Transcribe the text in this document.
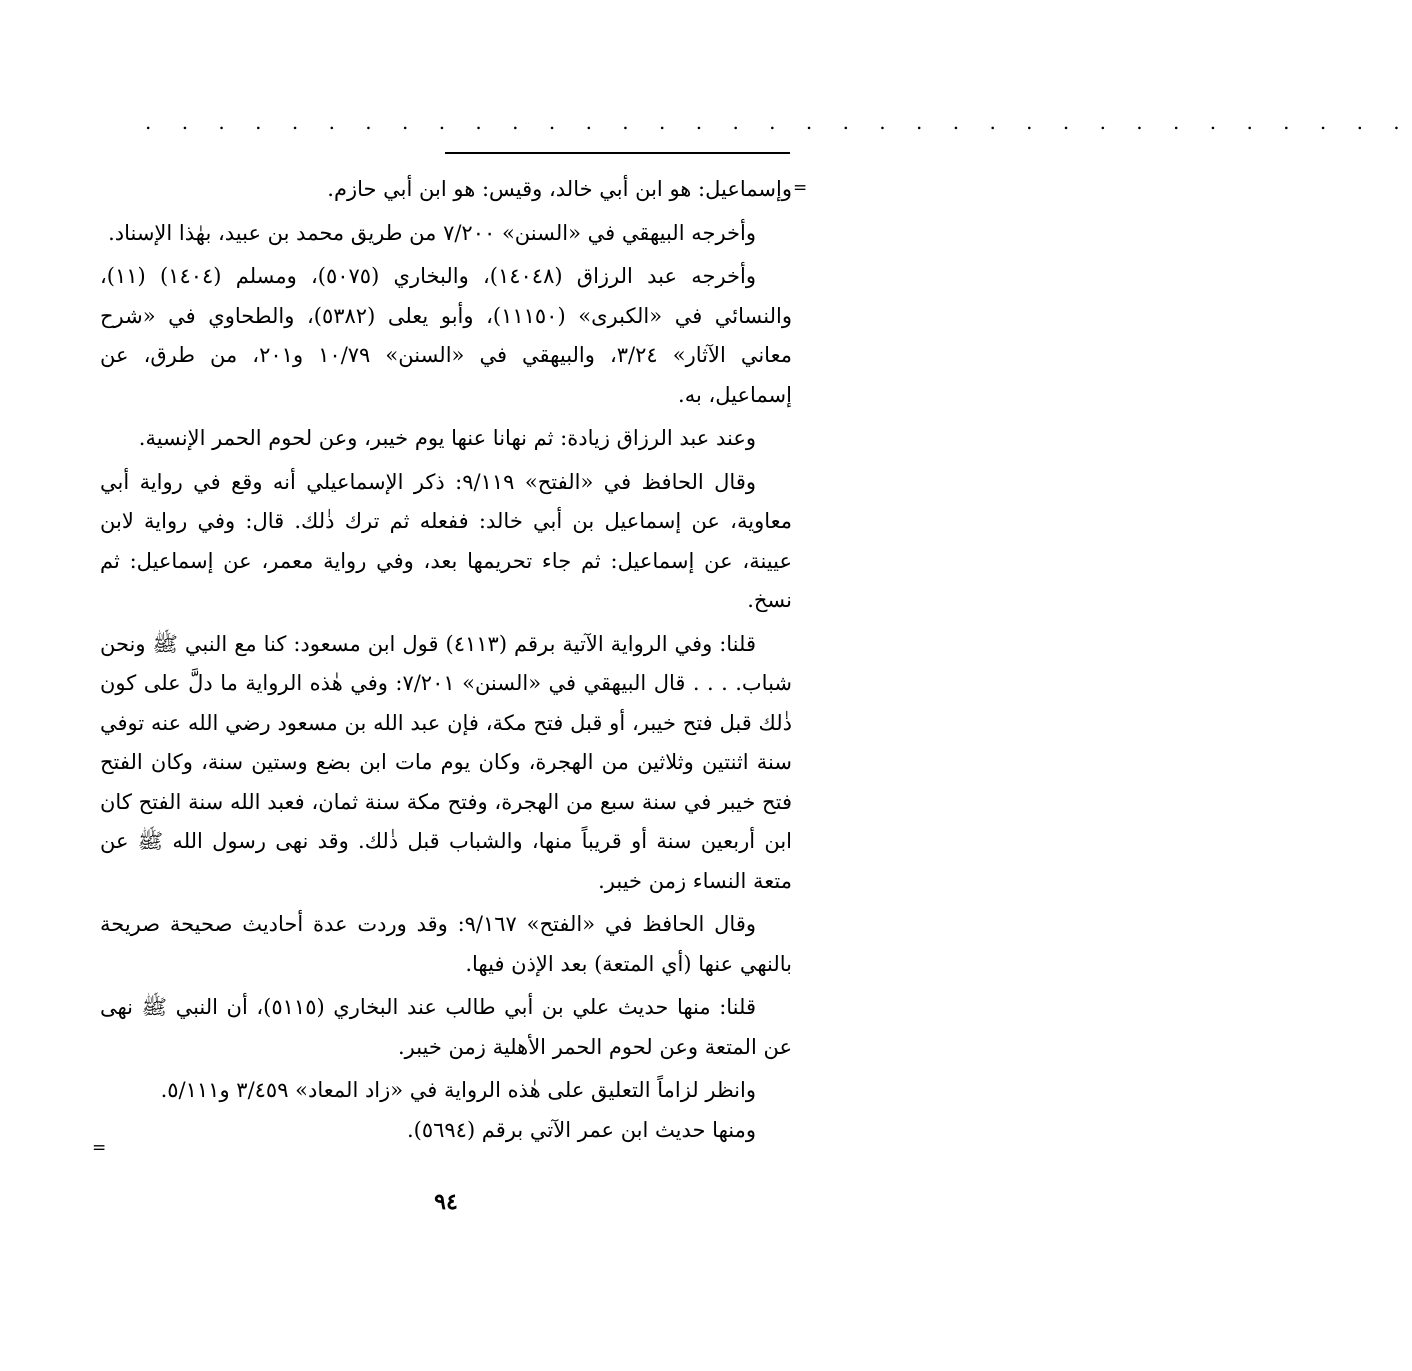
. . . . . . . . . . . . . . . . . . . . . . . . . . . . . . . . . . .
=

وإسماعيل: هو ابن أبي خالد، وقيس: هو ابن أبي حازم.

وأخرجه البيهقي في «السنن» ٧/٢٠٠ من طريق محمد بن عبيد، بهٰذا الإسناد.

وأخرجه عبد الرزاق (١٤٠٤٨)، والبخاري (٥٠٧٥)، ومسلم (١٤٠٤) (١١)، والنسائي في «الكبرى» (١١١٥٠)، وأبو يعلى (٥٣٨٢)، والطحاوي في «شرح معاني الآثار» ٣/٢٤، والبيهقي في «السنن» ١٠/٧٩ و٢٠١، من طرق، عن إسماعيل، به.

وعند عبد الرزاق زيادة: ثم نهانا عنها يوم خيبر، وعن لحوم الحمر الإنسية.

وقال الحافظ في «الفتح» ٩/١١٩: ذكر الإسماعيلي أنه وقع في رواية أبي معاوية، عن إسماعيل بن أبي خالد: ففعله ثم ترك ذٰلك. قال: وفي رواية لابن عيينة، عن إسماعيل: ثم جاء تحريمها بعد، وفي رواية معمر، عن إسماعيل: ثم نسخ.

قلنا: وفي الرواية الآتية برقم (٤١١٣) قول ابن مسعود: كنا مع النبي ﷺ ونحن شباب. . . . قال البيهقي في «السنن» ٧/٢٠١: وفي هٰذه الرواية ما دلَّ على كون ذٰلك قبل فتح خيبر، أو قبل فتح مكة، فإن عبد الله بن مسعود رضي الله عنه توفي سنة اثنتين وثلاثين من الهجرة، وكان يوم مات ابن بضع وستين سنة، وكان الفتح فتح خيبر في سنة سبع من الهجرة، وفتح مكة سنة ثمان، فعبد الله سنة الفتح كان ابن أربعين سنة أو قريباً منها، والشباب قبل ذٰلك. وقد نهى رسول الله ﷺ عن متعة النساء زمن خيبر.

وقال الحافظ في «الفتح» ٩/١٦٧: وقد وردت عدة أحاديث صحيحة صريحة بالنهي عنها (أي المتعة) بعد الإذن فيها.

قلنا: منها حديث علي بن أبي طالب عند البخاري (٥١١٥)، أن النبي ﷺ نهى عن المتعة وعن لحوم الحمر الأهلية زمن خيبر.

وانظر لزاماً التعليق على هٰذه الرواية في «زاد المعاد» ٣/٤٥٩ و٥/١١١.

ومنها حديث ابن عمر الآتي برقم (٥٦٩٤).

=
٩٤
